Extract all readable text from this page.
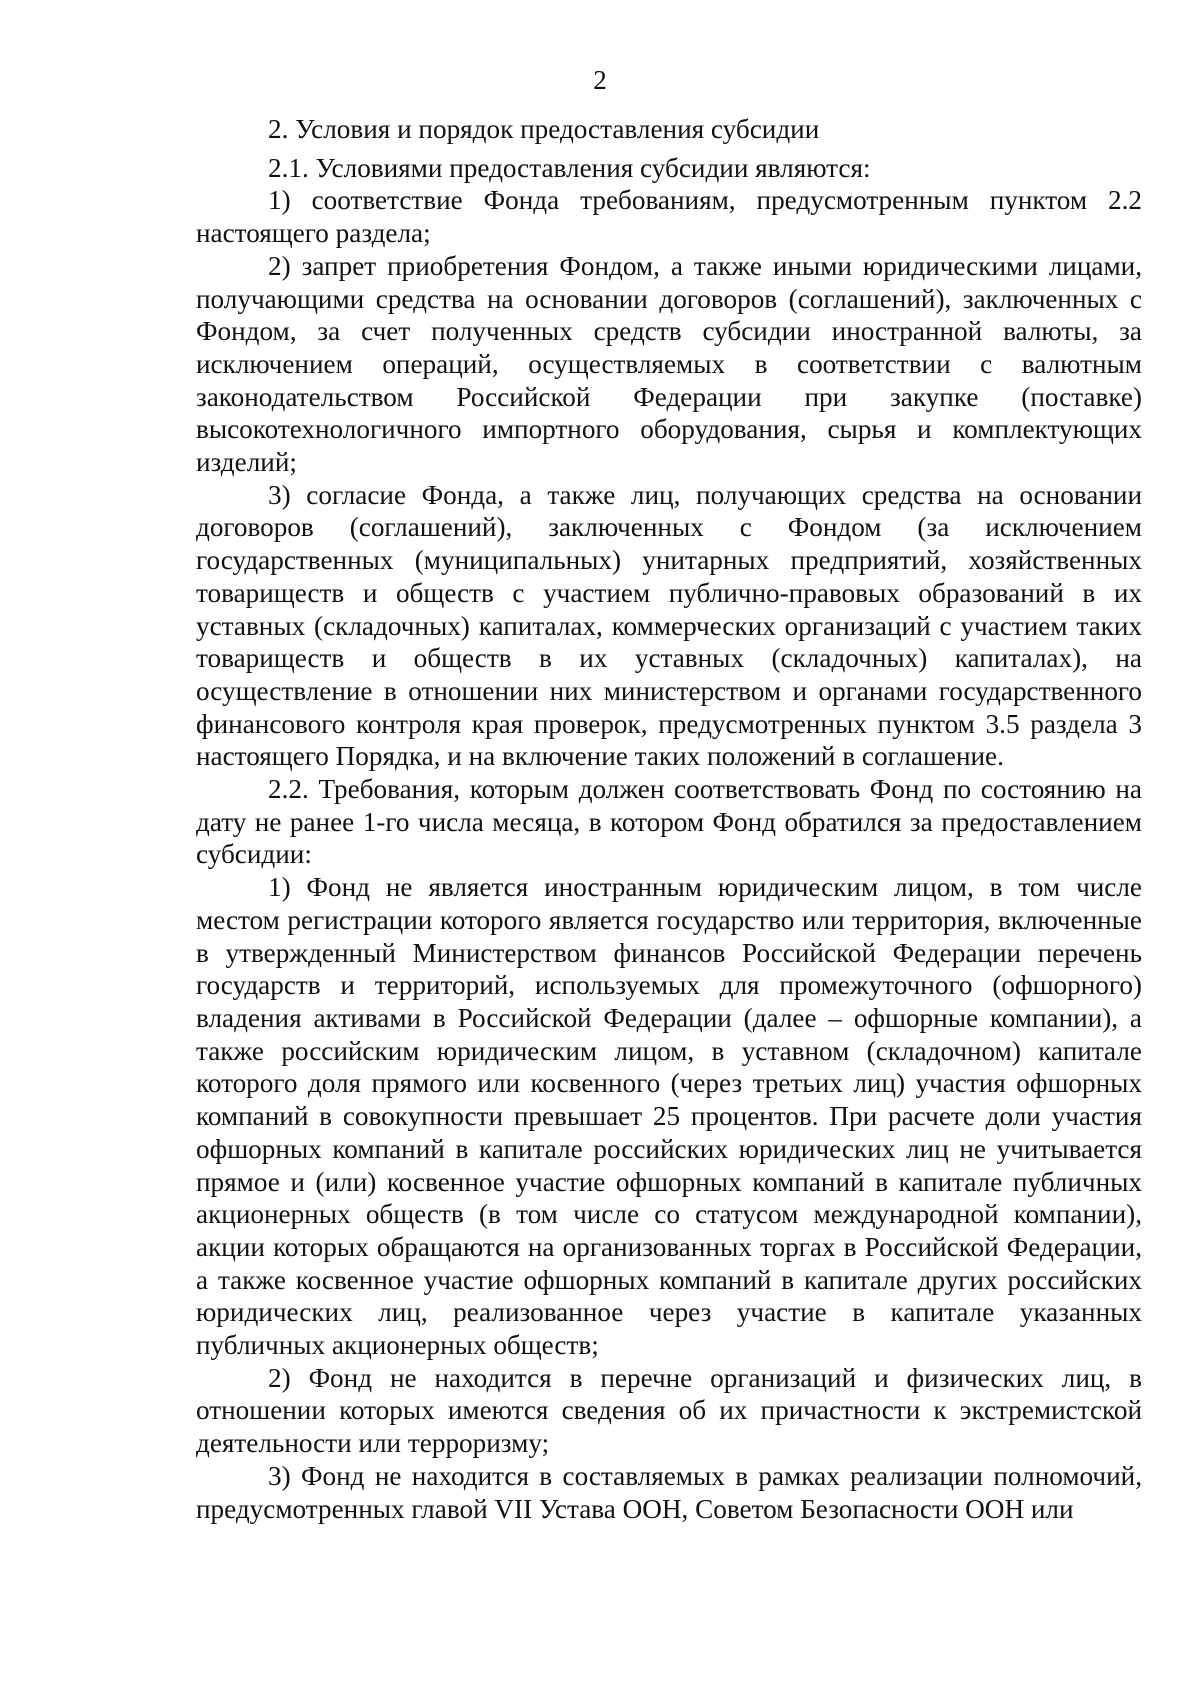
2

2. Условия и порядок предоставления субсидии

2.1. Условиями предоставления субсидии являются:

1) соответствие Фонда требованиям, предусмотренным пунктом 2.2 настоящего раздела;

2) запрет приобретения Фондом, а также иными юридическими лицами, получающими средства на основании договоров (соглашений), заключенных с Фондом, за счет полученных средств субсидии иностранной валюты, за исключением операций, осуществляемых в соответствии с валютным законодательством Российской Федерации при закупке (поставке) высокотехнологичного импортного оборудования, сырья и комплектующих изделий;

3) согласие Фонда, а также лиц, получающих средства на основании договоров (соглашений), заключенных с Фондом (за исключением государственных (муниципальных) унитарных предприятий, хозяйственных товариществ и обществ с участием публично-правовых образований в их уставных (складочных) капиталах, коммерческих организаций с участием таких товариществ и обществ в их уставных (складочных) капиталах), на осуществление в отношении них министерством и органами государственного финансового контроля края проверок, предусмотренных пунктом 3.5 раздела 3 настоящего Порядка, и на включение таких положений в соглашение.

2.2. Требования, которым должен соответствовать Фонд по состоянию на дату не ранее 1-го числа месяца, в котором Фонд обратился за предоставлением субсидии:

1) Фонд не является иностранным юридическим лицом, в том числе местом регистрации которого является государство или территория, включенные в утвержденный Министерством финансов Российской Федерации перечень государств и территорий, используемых для промежуточного (офшорного) владения активами в Российской Федерации (далее – офшорные компании), а также российским юридическим лицом, в уставном (складочном) капитале которого доля прямого или косвенного (через третьих лиц) участия офшорных компаний в совокупности превышает 25 процентов. При расчете доли участия офшорных компаний в капитале российских юридических лиц не учитывается прямое и (или) косвенное участие офшорных компаний в капитале публичных акционерных обществ (в том числе со статусом международной компании), акции которых обращаются на организованных торгах в Российской Федерации, а также косвенное участие офшорных компаний в капитале других российских юридических лиц, реализованное через участие в капитале указанных публичных акционерных обществ;

2) Фонд не находится в перечне организаций и физических лиц, в отношении которых имеются сведения об их причастности к экстремистской деятельности или терроризму;

3) Фонд не находится в составляемых в рамках реализации полномочий, предусмотренных главой VII Устава ООН, Советом Безопасности ООН или
